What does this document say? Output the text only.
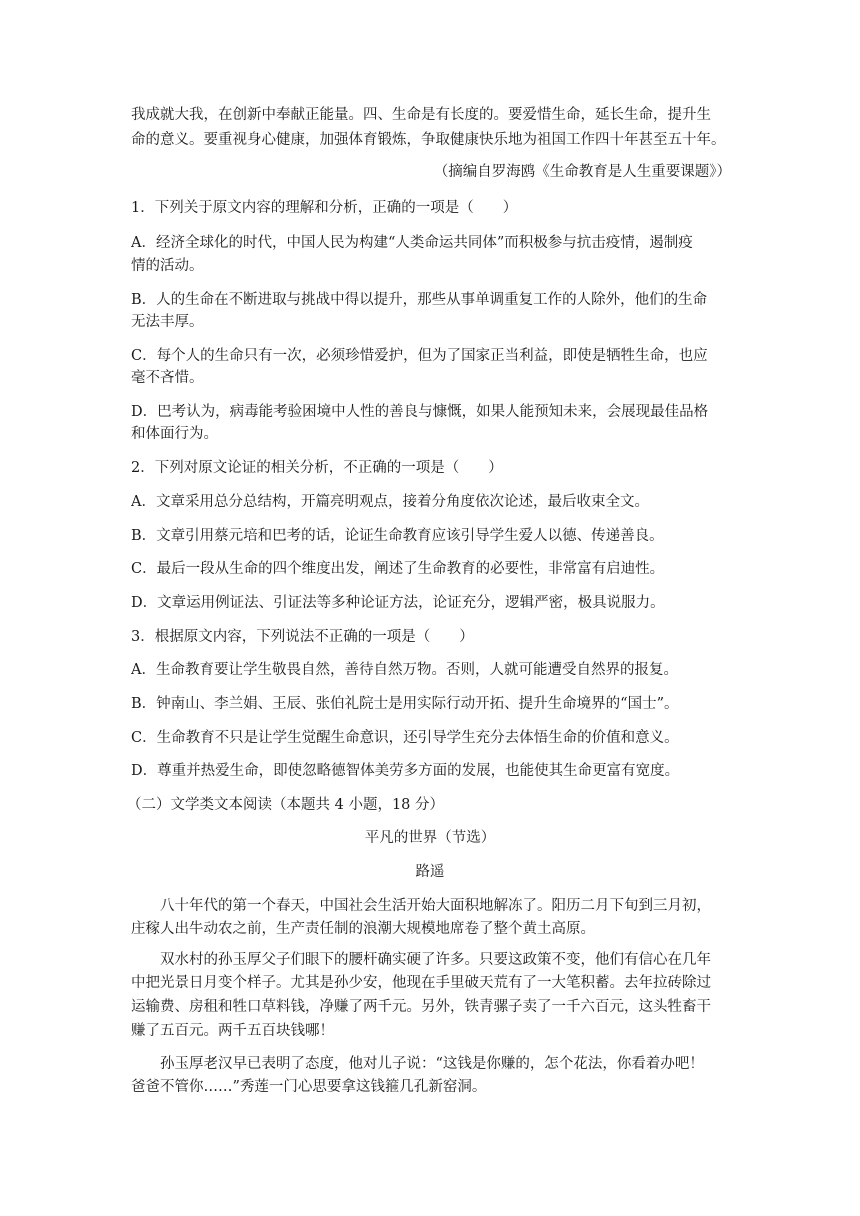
我成就大我，在创新中奉献正能量。四、生命是有长度的。要爱惜生命，延长生命，提升生
命的意义。要重视身心健康，加强体育锻炼，争取健康快乐地为祖国工作四十年甚至五十年。
（摘编自罗海鸥《生命教育是人生重要课题》）
1．下列关于原文内容的理解和分析，正确的一项是（　　）
A．经济全球化的时代，中国人民为构建“人类命运共同体”而积极参与抗击疫情，遏制疫
情的活动。
B．人的生命在不断进取与挑战中得以提升，那些从事单调重复工作的人除外，他们的生命
无法丰厚。
C．每个人的生命只有一次，必须珍惜爱护，但为了国家正当利益，即使是牺牲生命，也应
毫不吝惜。
D．巴考认为，病毒能考验困境中人性的善良与慷慨，如果人能预知未来，会展现最佳品格
和体面行为。
2．下列对原文论证的相关分析，不正确的一项是（　　）
A．文章采用总分总结构，开篇亮明观点，接着分角度依次论述，最后收束全文。
B．文章引用蔡元培和巴考的话，论证生命教育应该引导学生爱人以德、传递善良。
C．最后一段从生命的四个维度出发，阐述了生命教育的必要性，非常富有启迪性。
D．文章运用例证法、引证法等多种论证方法，论证充分，逻辑严密，极具说服力。
3．根据原文内容，下列说法不正确的一项是（　　）
A．生命教育要让学生敬畏自然，善待自然万物。否则，人就可能遭受自然界的报复。
B．钟南山、李兰娟、王辰、张伯礼院士是用实际行动开拓、提升生命境界的“国士”。
C．生命教育不只是让学生觉醒生命意识，还引导学生充分去体悟生命的价值和意义。
D．尊重并热爱生命，即使忽略德智体美劳多方面的发展，也能使其生命更富有宽度。
（二）文学类文本阅读（本题共 4 小题，18 分）
平凡的世界（节选）
路遥
八十年代的第一个春天，中国社会生活开始大面积地解冻了。阳历二月下旬到三月初，
庄稼人出牛动农之前，生产责任制的浪潮大规模地席卷了整个黄土高原。
双水村的孙玉厚父子们眼下的腰杆确实硬了许多。只要这政策不变，他们有信心在几年
中把光景日月变个样子。尤其是孙少安，他现在手里破天荒有了一大笔积蓄。去年拉砖除过
运输费、房租和牲口草料钱，净赚了两千元。另外，铁青骡子卖了一千六百元，这头牲畜干
赚了五百元。两千五百块钱哪！
孙玉厚老汉早已表明了态度，他对儿子说：“这钱是你赚的，怎个花法，你看着办吧！
爸爸不管你……”秀莲一门心思要拿这钱箍几孔新窑洞。
